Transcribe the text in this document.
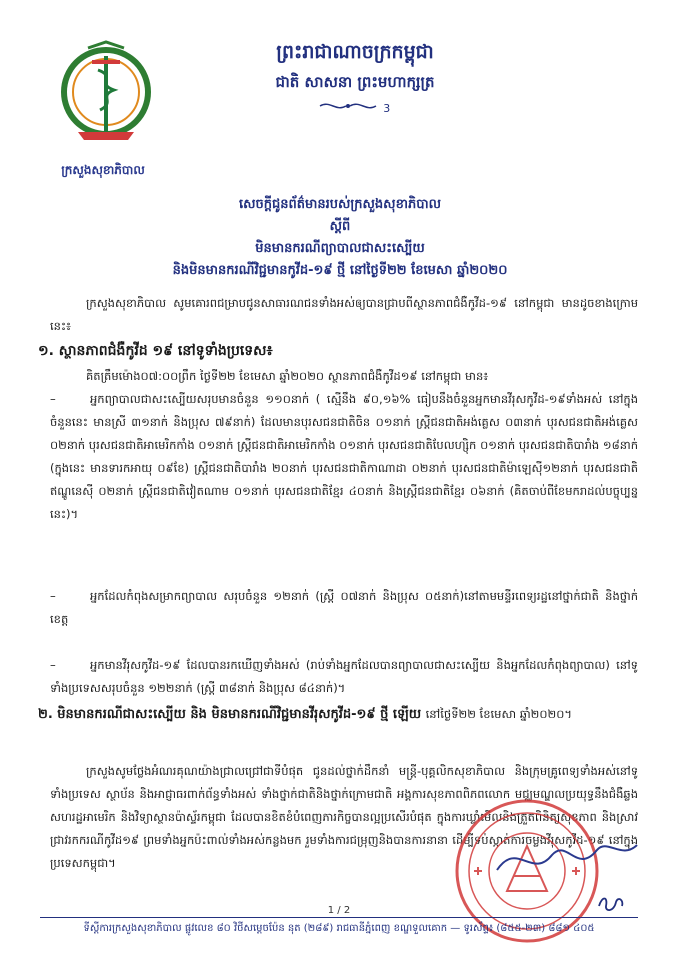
ក្រសួងសុខាភិបាល
ព្រះរាជាណាចក្រកម្ពុជា
ជាតិ សាសនា ព្រះមហាក្សត្រ
3
សេចក្តីជូនព័ត៌មានរបស់ក្រសួងសុខាភិបាល
ស្តីពី
មិនមានករណីព្យាបាលជាសះស្បើយ
និងមិនមានករណីវិជ្ជមានកូវីដ-១៩ ថ្មី នៅថ្ងៃទី២២ ខែមេសា ឆ្នាំ២០២០
ក្រសួងសុខាភិបាល សូមគោរពជម្រាបជូនសាធារណជនទាំងអស់ឲ្យបានជ្រាបពីស្ថានភាពជំងឺកូវីដ-១៩ នៅកម្ពុជា មានដូចខាងក្រោមនេះ៖
១. ស្ថានភាពជំងឺកូវីដ ១៩ នៅទូទាំងប្រទេស៖
គិតត្រឹមម៉ោង០៧:០០ព្រឹក ថ្ងៃទី២២ ខែមេសា ឆ្នាំ២០២០ ស្ថានភាពជំងឺកូវីដ១៩ នៅកម្ពុជា មាន៖
–	អ្នកព្យាបាលជាសះស្បើយសរុបមានចំនួន ១១០នាក់ ( ស្មើនឹង ៩០,១៦% ធៀបនឹងចំនួនអ្នកមានវីរុសកូវីដ-១៩ទាំងអស់ នៅក្នុងចំនួននេះ មានស្រី ៣១នាក់ និងប្រុស ៧៩នាក់) ដែលមានបុរសជនជាតិចិន ០១នាក់ ស្រ្តីជនជាតិអង់គ្លេស ០៣នាក់ បុរសជនជាតិអង់គ្លេស ០២នាក់ បុរសជនជាតិអាមេរិកកាំង ០១នាក់ ស្រ្តីជនជាតិអាមេរិកកាំង ០១នាក់ បុរសជនជាតិបែលហ្ស៊ិក ០១នាក់ បុរសជនជាតិបារាំង ១៨នាក់ (ក្នុងនេះ មានទារកអាយុ ០៩ខែ) ស្រ្តីជនជាតិបារាំង ២០នាក់ បុរសជនជាតិកាណាដា ០២នាក់ បុរសជនជាតិម៉ាឡេស៊ី១២នាក់ បុរសជនជាតិឥណ្ឌូនេស៊ី ០២នាក់ ស្រ្តីជនជាតិវៀតណាម ០១នាក់ បុរសជនជាតិខ្មែរ ៤០នាក់ និងស្រ្តីជនជាតិខ្មែរ ០៦នាក់ (គិតចាប់ពីខែមករាដល់បច្ចុប្បន្ននេះ)។
–	អ្នកដែលកំពុងសម្រាកព្យាបាល សរុបចំនួន ១២នាក់ (ស្រ្តី ០៧នាក់ និងប្រុស ០៥នាក់)នៅតាមមន្ទីរពេទ្យរដ្ឋនៅថ្នាក់ជាតិ និងថ្នាក់ខេត្ត
–	អ្នកមានវីរុសកូវីដ-១៩ ដែលបានរកឃើញទាំងអស់ (រាប់ទាំងអ្នកដែលបានព្យាបាលជាសះស្បើយ និងអ្នកដែលកំពុងព្យាបាល) នៅទូទាំងប្រទេសសរុបចំនួន ១២២នាក់ (ស្រ្តី ៣៨នាក់ និងប្រុស ៨៤នាក់)។
២. មិនមានករណីជាសះស្បើយ និង មិនមានករណីវិជ្ជមានវីរុសកូវីដ-១៩ ថ្មី ឡើយ នៅថ្ងៃទី២២ ខែមេសា ឆ្នាំ២០២០។
ក្រសួងសូមថ្លែងអំណរគុណយ៉ាងជ្រាលជ្រៅជាទីបំផុត ជូនដល់ថ្នាក់ដឹកនាំ មន្ត្រី-បុគ្គលិកសុខាភិបាល និងក្រុមគ្រូពេទ្យទាំងអស់នៅទូទាំងប្រទេស ស្ថាប័ន និងអាជ្ញាធរពាក់ព័ន្ធទាំងអស់ ទាំងថ្នាក់ជាតិនិងថ្នាក់ក្រោមជាតិ អង្គការសុខភាពពិភពលោក មជ្ឈមណ្ឌលប្រយុទ្ធនឹងជំងឺឆ្លងសហរដ្ឋអាមេរិក និងវិទ្យាស្ថានប៉ាស្ទ័រកម្ពុជា ដែលបានខិតខំបំពេញភារកិច្ចបានល្អប្រសើរបំផុត ក្នុងការឃ្លាំមើលនិងត្រួតពិនិត្យសុខភាព និងស្រាវជ្រាវរកករណីកូវីដ១៩ ព្រមទាំងអ្នកប៉ះពាល់ទាំងអស់កន្លងមក រួមទាំងការជម្រុញនិងបានការនានា ដើម្បីទប់ស្កាត់ការចម្លងវីរុសកូវីដ-១៩ នៅក្នុងប្រទេសកម្ពុជា។
1 / 2
ទីស្តីការក្រសួងសុខាភិបាល ផ្លូវលេខ ៨០ វិថីសម្តេចប៉ែន នុត (២៨៩) រាជធានីភ្នំពេញ ខណ្ឌទួលគោក — ទូរស័ព្ទ៖ (៨៥៥-២៣) ៨៨១ ៤០៥
